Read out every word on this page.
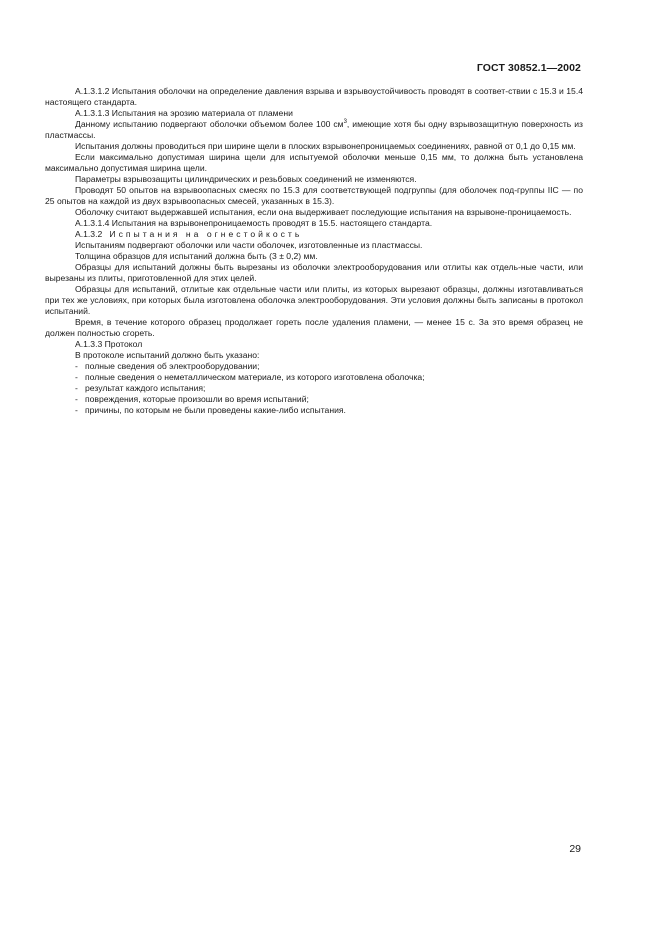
ГОСТ 30852.1—2002

А.1.3.1.2 Испытания оболочки на определение давления взрыва и взрывоустойчивость проводят в соответ-ствии с 15.3 и 15.4 настоящего стандарта.

А.1.3.1.3 Испытания на эрозию материала от пламени

Данному испытанию подвергают оболочки объемом более 100 $см^3$, имеющие хотя бы одну взрывозащитную поверхность из пластмассы.

Испытания должны проводиться при ширине щели в плоских взрывонепроницаемых соединениях, равной от 0,1 до 0,15 мм.

Если максимально допустимая ширина щели для испытуемой оболочки меньше 0,15 мм, то должна быть установлена максимально допустимая ширина щели.

Параметры взрывозащиты цилиндрических и резьбовых соединений не изменяются.

Проводят 50 опытов на взрывоопасных смесях по 15.3 для соответствующей подгруппы (для оболочек под-группы IIC — по 25 опытов на каждой из двух взрывоопасных смесей, указанных в 15.3).

Оболочку считают выдержавшей испытания, если она выдерживает последующие испытания на взрывоне-проницаемость.

А.1.3.1.4 Испытания на взрывонепроницаемость проводят в 15.5. настоящего стандарта.

А.1.3.2 Испытания на огнестойкость

Испытаниям подвергают оболочки или части оболочек, изготовленные из пластмассы.

Толщина образцов для испытаний должна быть (3 ± 0,2) мм.

Образцы для испытаний должны быть вырезаны из оболочки электрооборудования или отлиты как отдель-ные части, или вырезаны из плиты, приготовленной для этих целей.

Образцы для испытаний, отлитые как отдельные части или плиты, из которых вырезают образцы, должны изготавливаться при тех же условиях, при которых была изготовлена оболочка электрооборудования. Эти условия должны быть записаны в протокол испытаний.

Время, в течение которого образец продолжает гореть после удаления пламени, — менее 15 с. За это время образец не должен полностью сгореть.

А.1.3.3 Протокол

В протоколе испытаний должно быть указано:

- полные сведения об электрооборудовании;
- полные сведения о неметаллическом материале, из которого изготовлена оболочка;
- результат каждого испытания;
- повреждения, которые произошли во время испытаний;
- причины, по которым не были проведены какие-либо испытания.
29
